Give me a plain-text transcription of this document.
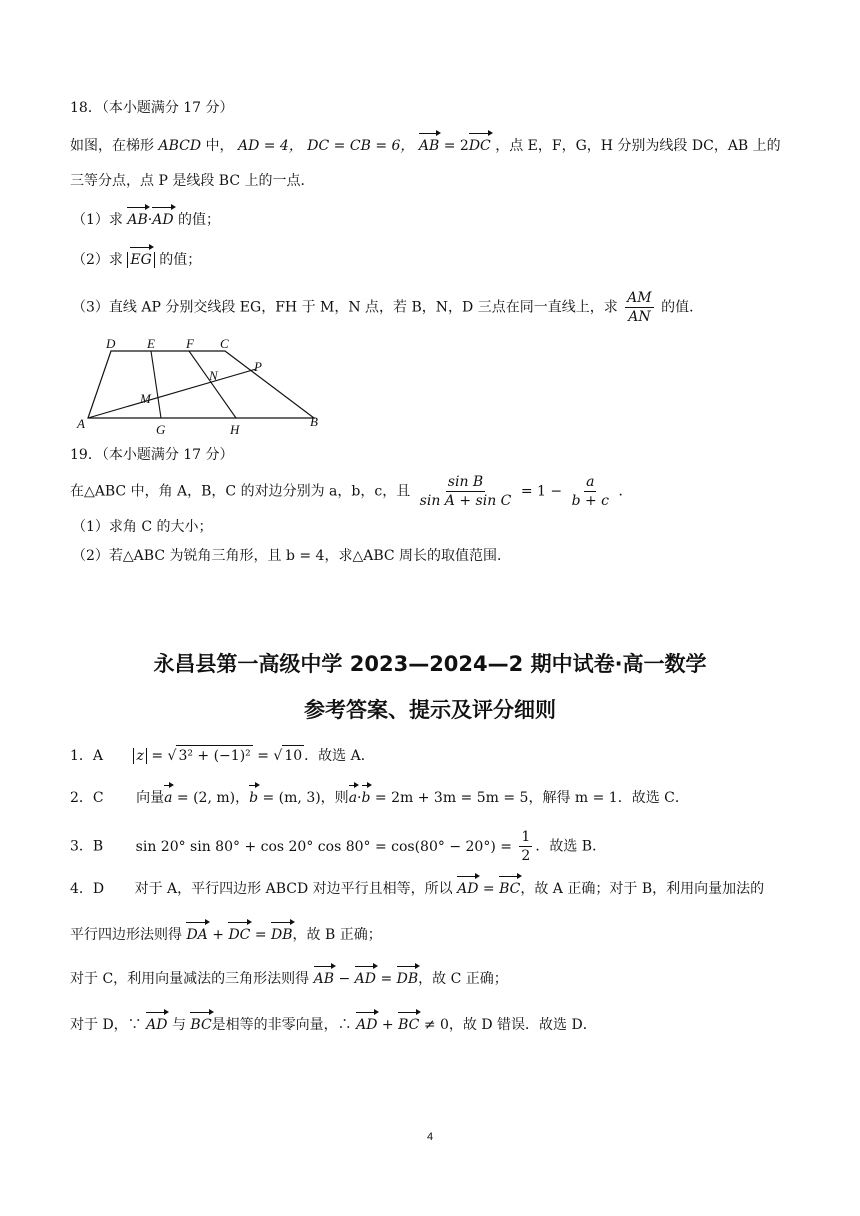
18．（本小题满分 17 分）
如图，在梯形 ABCD 中， AD = 4， DC = CB = 6， AB = 2DC ，点 E，F，G，H 分别为线段 DC，AB 上的
三等分点，点 P 是线段 BC 上的一点．
（1）求 AB·AD 的值；
（2）求 EG 的值；
（3）直线 AP 分别交线段 EG，FH 于 M，N 点，若 B，N，D 三点在同一直线上，求 $\frac{AM}{AN}$ 的值．
D E F C
P
N
M
A	G	H
B
19．（本小题满分 17 分）
在△ABC 中，角 A，B，C 的对边分别为 a，b，c，且 $\frac{\text{sin B}}{\text{sin A + sin C}} = 1 - \frac{a}{b + c}$ ．
（1）求角 C 的大小；
（2）若△ABC 为锐角三角形，且 b = 4，求△ABC 周长的取值范围．
永昌县第一高级中学 2023—2024—2 期中试卷·高一数学
参考答案、提示及评分细则
1．A z = √ 3² + (−1)² = √ 10 ．故选 A．
2．C 向量a = (2, m)，b = (m, 3)，则a·b = 2m + 3m = 5m = 5，解得 m = 1．故选 C．
3．B sin 20° sin 80° + cos 20° $\cos 80^\circ = \cos(80^\circ - 20^\circ) = \frac{1}{2}$ ．故选 B．
4．D 对于 A，平行四边形 ABCD 对边平行且相等，所以 AD = BC，故 A 正确；对于 B，利用向量加法的
平行四边形法则得 DA + DC = DB，故 B 正确；
对于 C，利用向量减法的三角形法则得 AB − AD = DB，故 C 正确；
对于 D，∵ AD 与 BC是相等的非零向量，∴ AD + BC ≠ 0，故 D 错误．故选 D．
4
